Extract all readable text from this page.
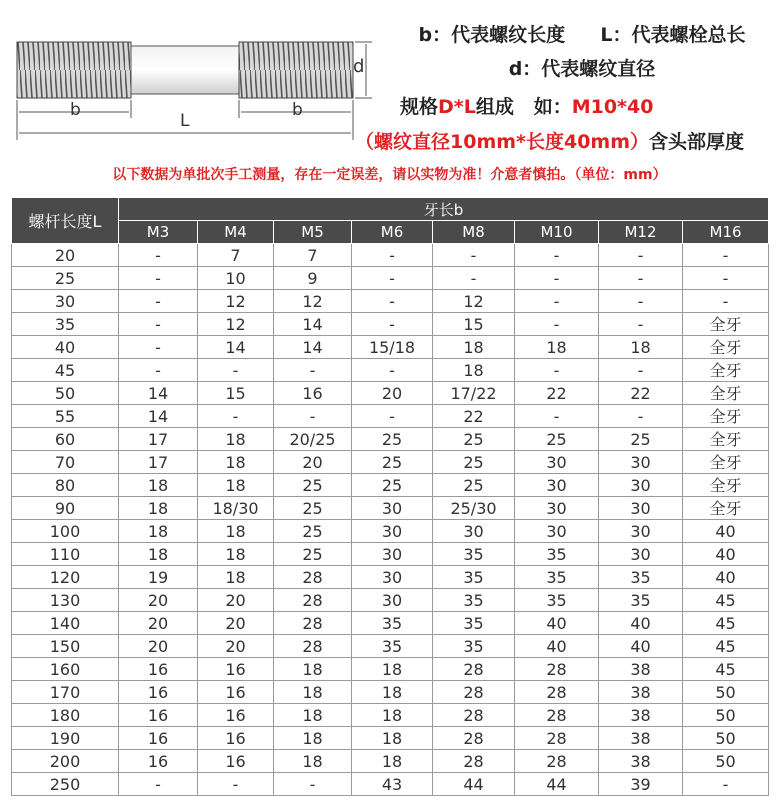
d
b	b
L
b：代表螺纹长度 L：代表螺栓总长
d：代表螺纹直径
规格D*L组成   如：M10*40
（螺纹直径10mm*长度40mm）含头部厚度
以下数据为单批次手工测量，存在一定误差，请以实物为准！介意者慎拍。（单位：mm）
螺杆长度L	牙长b							
	M3	M4	M5	M6	M8	M10	M12	M16
20	-	7	7	-	-	-	-	-
25	-	10	9	-	-	-	-	-
30	-	12	12	-	12	-	-	-
35	-	12	14	-	15	-	-	全牙
40	-	14	14	15/18	18	18	18	全牙
45	-	-	-	-	18	-	-	全牙
50	14	15	16	20	17/22	22	22	全牙
55	14	-	-	-	22	-	-	全牙
60	17	18	20/25	25	25	25	25	全牙
70	17	18	20	25	25	30	30	全牙
80	18	18	25	25	25	30	30	全牙
90	18	18/30	25	30	25/30	30	30	全牙
100	18	18	25	30	30	30	30	40
110	18	18	25	30	35	35	30	40
120	19	18	28	30	35	35	35	40
130	20	20	28	30	35	35	35	45
140	20	20	28	35	35	40	40	45
150	20	20	28	35	35	40	40	45
160	16	16	18	18	28	28	38	45
170	16	16	18	18	28	28	38	50
180	16	16	18	18	28	28	38	50
190	16	16	18	18	28	28	38	50
200	16	16	18	18	28	28	38	50
250	-	-	-	43	44	44	39	-
